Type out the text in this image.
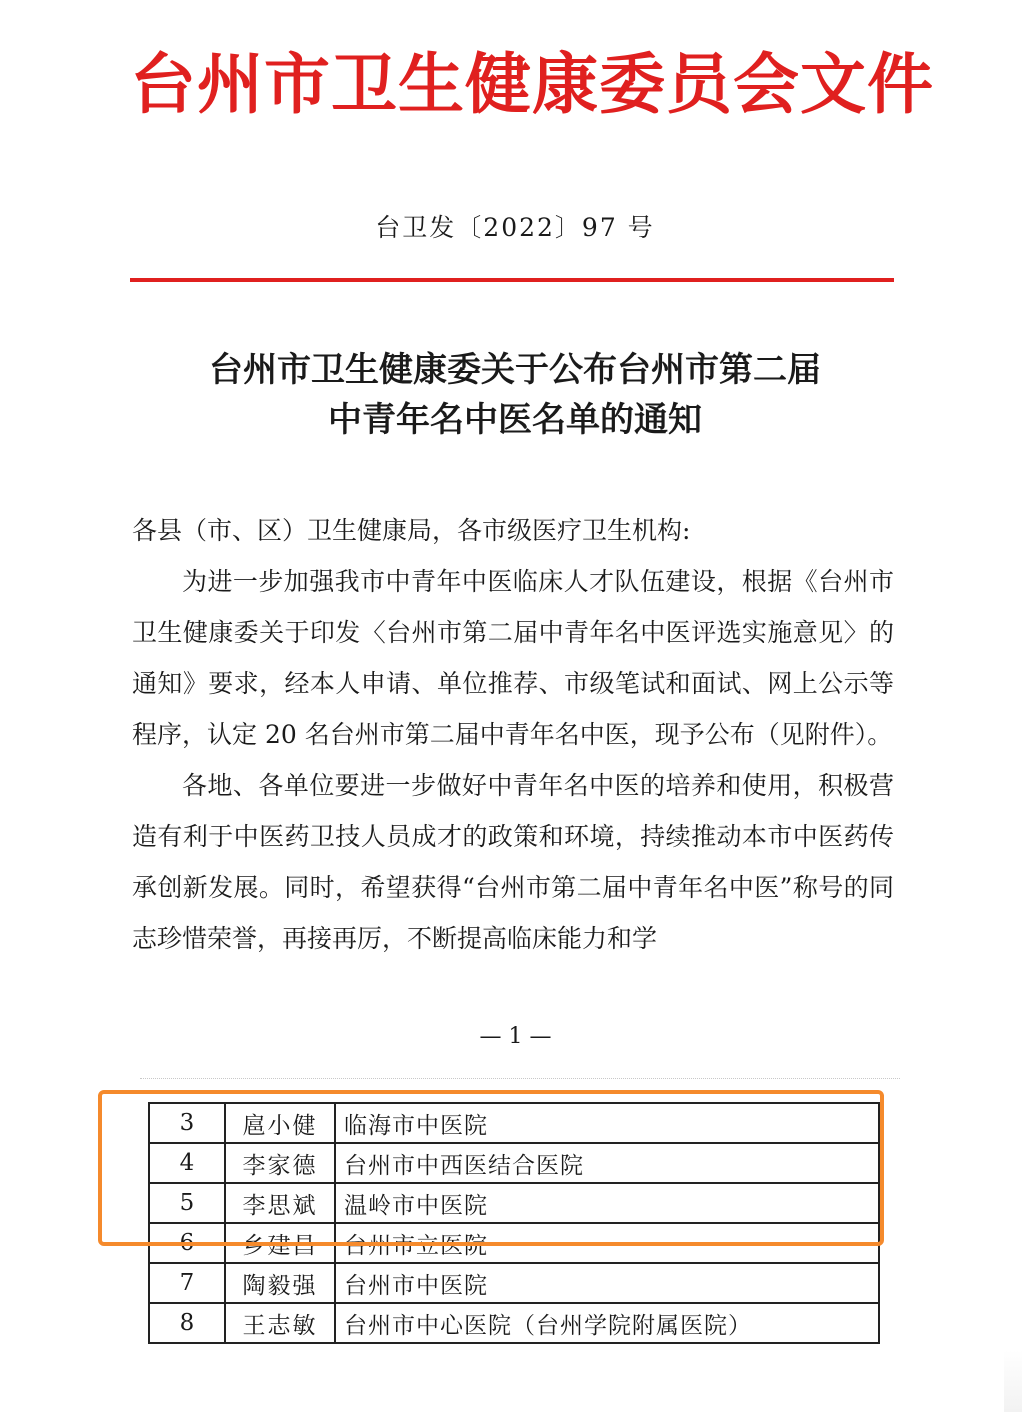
台州市卫生健康委员会文件
台卫发〔2022〕97 号
台州市卫生健康委关于公布台州市第二届
中青年名中医名单的通知

各县（市、区）卫生健康局，各市级医疗卫生机构:

为进一步加强我市中青年中医临床人才队伍建设，根据《台州市卫生健康委关于印发〈台州市第二届中青年名中医评选实施意见〉的通知》要求，经本人申请、单位推荐、市级笔试和面试、网上公示等程序，认定 20 名台州市第二届中青年名中医，现予公布（见附件）。

各地、各单位要进一步做好中青年名中医的培养和使用，积极营造有利于中医药卫技人员成才的政策和环境，持续推动本市中医药传承创新发展。同时，希望获得“台州市第二届中青年名中医”称号的同志珍惜荣誉，再接再厉，不断提高临床能力和学

— 1 —
3	扈小健	临海市中医院
4	李家德	台州市中西医结合医院
5	李思斌	温岭市中医院
6	乡建昌	台州市立医院
7	陶毅强	台州市中医院
8	王志敏	台州市中心医院（台州学院附属医院）
